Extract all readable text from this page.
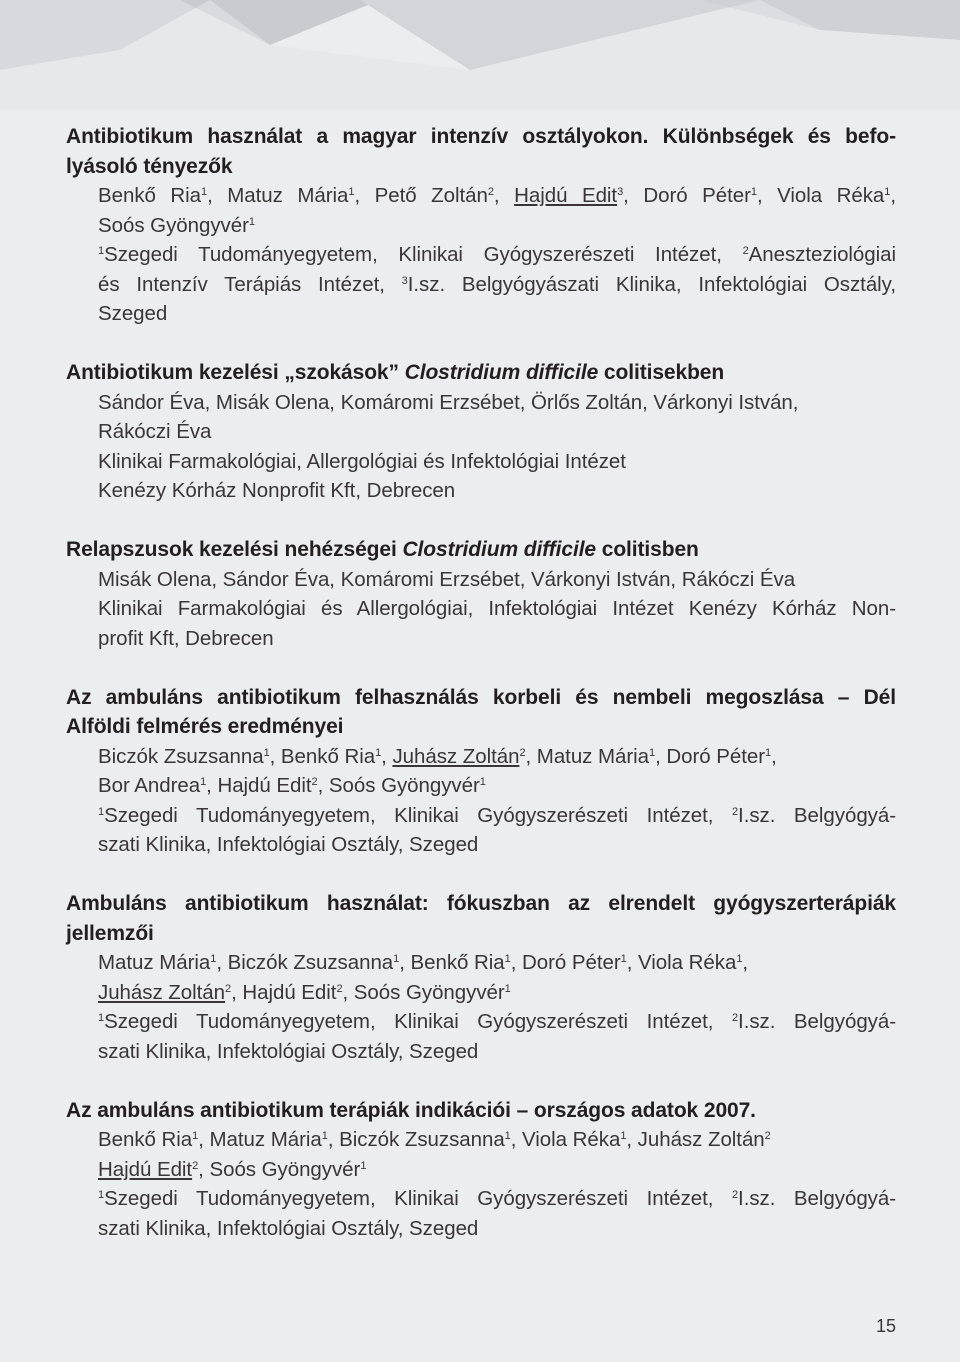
Antibiotikum használat a magyar intenzív osztályokon. Különbségek és befo-
lyásoló tényezők
Benkő Ria$^1$, Matuz Mária$^1$, Pető Zoltán$^2$, Hajdú Edit$^3$, Doró Péter$^1$, Viola Réka$^1$,
Soós Gyöngyvér$^1$
$^1$Szegedi Tudományegyetem, Klinikai Gyógyszerészeti Intézet, $^2$Aneszteziológiai
és Intenzív Terápiás Intézet, $^3$I.sz. Belgyógyászati Klinika, Infektológiai Osztály,
Szeged
Antibiotikum kezelési „szokások” Clostridium difficile colitisekben
Sándor Éva, Misák Olena, Komáromi Erzsébet, Örlős Zoltán, Várkonyi István,
Rákóczi Éva
Klinikai Farmakológiai, Allergológiai és Infektológiai Intézet
Kenézy Kórház Nonprofit Kft, Debrecen
Relapszusok kezelési nehézségei Clostridium difficile colitisben
Misák Olena, Sándor Éva, Komáromi Erzsébet, Várkonyi István, Rákóczi Éva
Klinikai Farmakológiai és Allergológiai, Infektológiai Intézet Kenézy Kórház Non-
profit Kft, Debrecen
Az ambuláns antibiotikum felhasználás korbeli és nembeli megoszlása – Dél
Alföldi felmérés eredményei
Biczók Zsuzsanna$^1$, Benkő Ria$^1$, Juhász Zoltán$^2$, Matuz Mária$^1$, Doró Péter$^1$,
Bor Andrea$^1$, Hajdú Edit$^2$, Soós Gyöngyvér$^1$
$^1$Szegedi Tudományegyetem, Klinikai Gyógyszerészeti Intézet, $^2$I.sz. Belgyógyá-
szati Klinika, Infektológiai Osztály, Szeged
Ambuláns antibiotikum használat: fókuszban az elrendelt gyógyszerterápiák
jellemzői
Matuz Mária$^1$, Biczók Zsuzsanna$^1$, Benkő Ria$^1$, Doró Péter$^1$, Viola Réka$^1$,
Juhász Zoltán$^2$, Hajdú Edit$^2$, Soós Gyöngyvér$^1$
$^1$Szegedi Tudományegyetem, Klinikai Gyógyszerészeti Intézet, $^2$I.sz. Belgyógyá-
szati Klinika, Infektológiai Osztály, Szeged
Az ambuláns antibiotikum terápiák indikációi – országos adatok 2007.
Benkő Ria$^1$, Matuz Mária$^1$, Biczók Zsuzsanna$^1$, Viola Réka$^1$, Juhász Zoltán$^2$
Hajdú Edit$^2$, Soós Gyöngyvér$^1$
$^1$Szegedi Tudományegyetem, Klinikai Gyógyszerészeti Intézet, $^2$I.sz. Belgyógyá-
szati Klinika, Infektológiai Osztály, Szeged
15
